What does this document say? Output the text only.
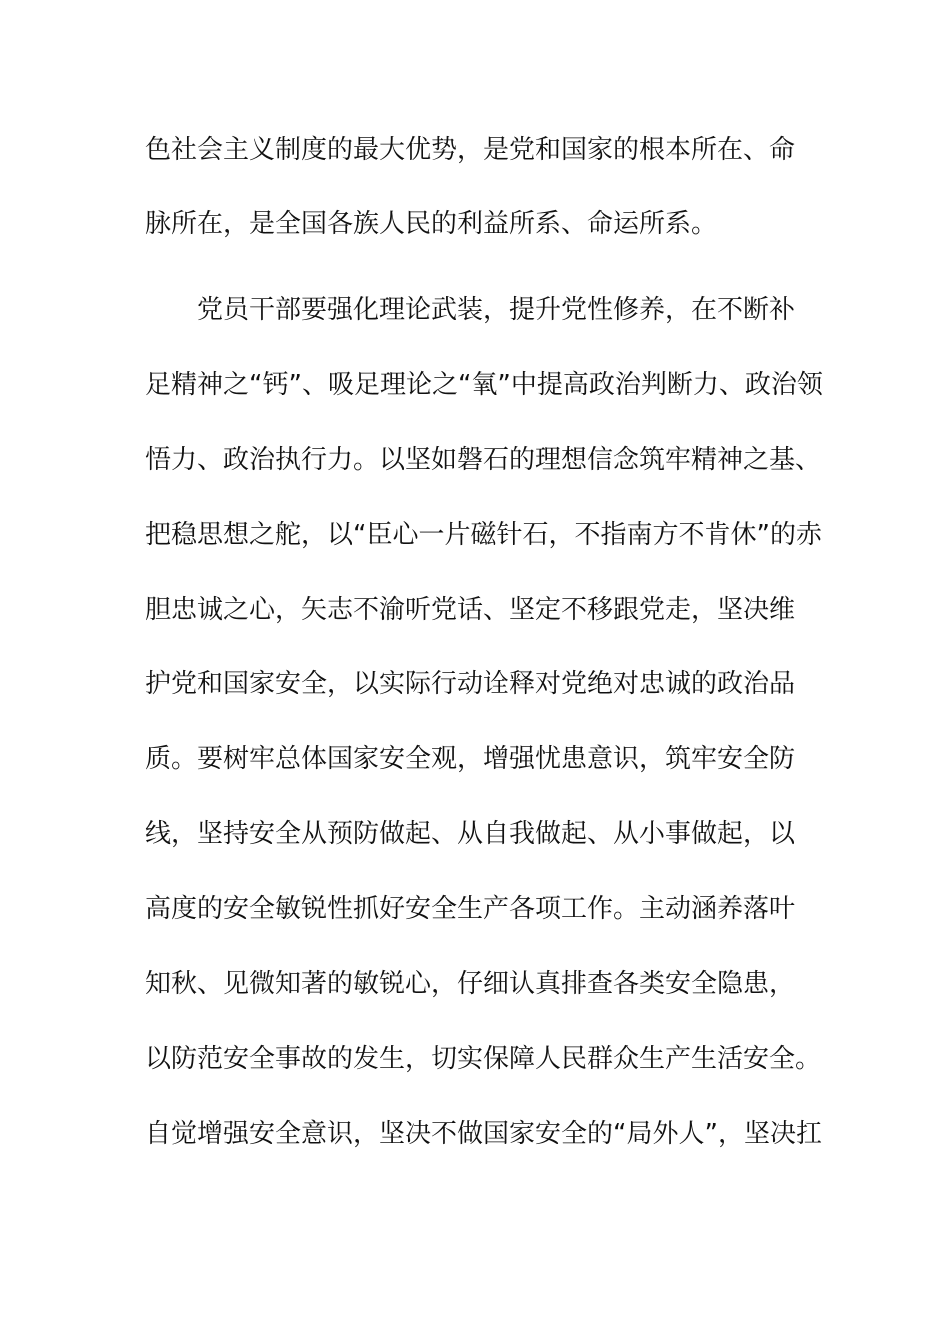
色社会主义制度的最大优势，是党和国家的根本所在、命
脉所在，是全国各族人民的利益所系、命运所系。
　　党员干部要强化理论武装，提升党性修养，在不断补
足精神之“钙”、吸足理论之“氧”中提高政治判断力、政治领
悟力、政治执行力。以坚如磐石的理想信念筑牢精神之基、
把稳思想之舵，以“臣心一片磁针石，不指南方不肯休”的赤
胆忠诚之心，矢志不渝听党话、坚定不移跟党走，坚决维
护党和国家安全，以实际行动诠释对党绝对忠诚的政治品
质。要树牢总体国家安全观，增强忧患意识，筑牢安全防
线，坚持安全从预防做起、从自我做起、从小事做起，以
高度的安全敏锐性抓好安全生产各项工作。主动涵养落叶
知秋、见微知著的敏锐心，仔细认真排查各类安全隐患，
以防范安全事故的发生，切实保障人民群众生产生活安全。
自觉增强安全意识，坚决不做国家安全的“局外人”，坚决扛
